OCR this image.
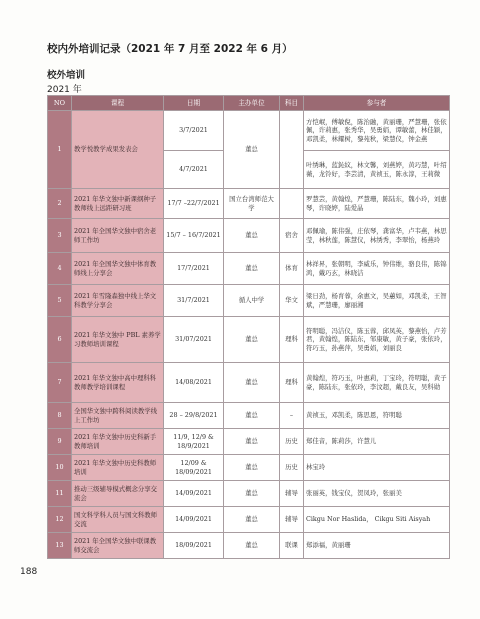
校内外培训记录（2021 年 7 月至 2022 年 6 月）
校外培训
2021 年
NO	课程	日期	主办单位	科目	参与者
1	教学悦教学成果发表会	3/7/2021	董总		方恺岷，傅敏倪，陈治融，黄丽珊，严慧珊，张依佩，许莉惠，张秀华，吴勇娟，谭敏蕾，林佳颖，邓凯柔，林耀树，黎苑秋，梁慧仪，钟金燕
		4/7/2021			叶绣琳，蓝鈊紋，林文馨，刘燕婷，黄巧慧，叶绍薇，龙铃好，李芸清，黄祯玉，陈永淳，王莉微
2	2021 年华文独中新课纲种子教师线上远距研习班	17/7 –22/7/2021	国立台湾师范大学		罗慧芸，黄翰煌，严慧珊，陈陆东，魏小玲，刘惠琴，许晓婷，陆爱晶
3	2021 年全国华文独中宿舍老师工作坊	15/7 – 16/7/2021	董总	宿舍	邓佩瑜，陈伟强，庄依琴，龚富华，卢韦燕，林思莹，林秋莲，陈慧仪，林绣秀，李翠怡，杨燕玲
4	2021 年全国华文独中体育教师线上分享会	17/7/2021	董总	体育	林祥昇，张朝明，李威乐，钟伟维，骆良伟，陈锦鸿，戴巧玄，林晓洁
5	2021 年雪隆森独中线上华文科教学分享会	31/7/2021	循人中学	华文	梁日劲，杨育蓉，余惠文，吴蕙如，邓凯柔，王智斌，严慧珊，廖丽湘
6	2021 年华文独中 PBL 素养学习教师培训课程	31/07/2021	董总	理科	符明聪，冯洁仪，陈玉蓉，邱凤英，黎燕怡，卢芳君，黄翰煌，陈陆东，邹康敏，黄子豪，张依玲，符巧玉，孙燕萍，吴勇娟，刘丽良
7	2021 年华文独中高中理科科教师教学培训课程	14/08/2021	董总	理科	黄翰煌，符巧玉，叶惠莉，丁宝玲，符明聪，黄子豪，陈陆东，张依玲，李汶超，戴良友，吴科勋
8	全国华文独中跨科阅读教学线上工作坊	28 – 29/8/2021	董总	–	黄祯玉，邓凯柔，陈思恩，符明聪
9	2021 年华文独中历史科新手教师培训	11/9, 12/9 & 18/9/2021	董总	历史	郑佳音，陈莉莎，许慧儿
10	2021 年华文独中历史科教师培训	12/09 & 18/09/2021	董总	历史	林宝玲
11	推动三级辅导模式概念分享交流会	14/09/2021	董总	辅导	张丽英，钱宝仪，贺凤玲，张丽美
12	国文科学科人员与国文科教师交流	14/09/2021	董总	辅导	Cikgu Nor Haslida， Cikgu Siti Aisyah
13	2021 年全国华文独中联课教师交流会	18/09/2021	董总	联课	郑添福，黄丽珊
188
